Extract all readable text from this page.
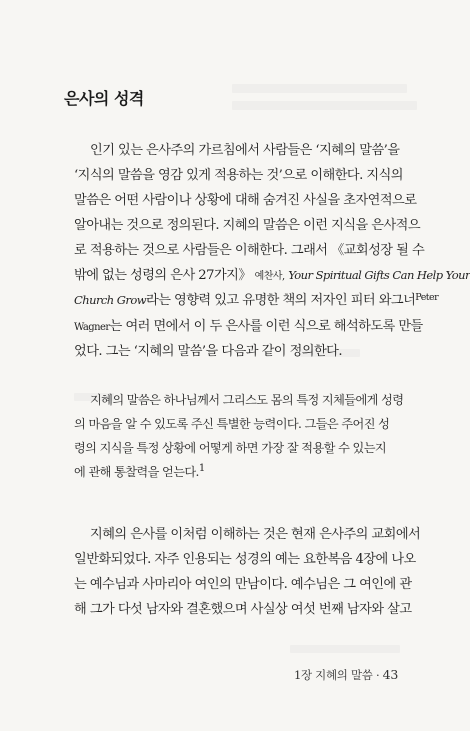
은사의 성격
인기 있는 은사주의 가르침에서 사람들은 ‘지혜의 말씀’을
‘지식의 말씀을 영감 있게 적용하는 것’으로 이해한다. 지식의
말씀은 어떤 사람이나 상황에 대해 숨겨진 사실을 초자연적으로
알아내는 것으로 정의된다. 지혜의 말씀은 이런 지식을 은사적으
로 적용하는 것으로 사람들은 이해한다. 그래서 《교회성장 될 수
밖에 없는 성령의 은사 27가지》 예찬사, Your Spiritual Gifts Can Help Your
Church Grow라는 영향력 있고 유명한 책의 저자인 피터 와그너$^{Peter}$
Wagner는 여러 면에서 이 두 은사를 이런 식으로 해석하도록 만들
었다. 그는 ‘지혜의 말씀’을 다음과 같이 정의한다.
지혜의 말씀은 하나님께서 그리스도 몸의 특정 지체들에게 성령
의 마음을 알 수 있도록 주신 특별한 능력이다. 그들은 주어진 성
령의 지식을 특정 상황에 어떻게 하면 가장 잘 적용할 수 있는지
에 관해 통찰력을 얻는다.$^1$
지혜의 은사를 이처럼 이해하는 것은 현재 은사주의 교회에서
일반화되었다. 자주 인용되는 성경의 예는 요한복음 4장에 나오
는 예수님과 사마리아 여인의 만남이다. 예수님은 그 여인에 관
해 그가 다섯 남자와 결혼했으며 사실상 여섯 번째 남자와 살고
1장 지혜의 말씀 · 43
